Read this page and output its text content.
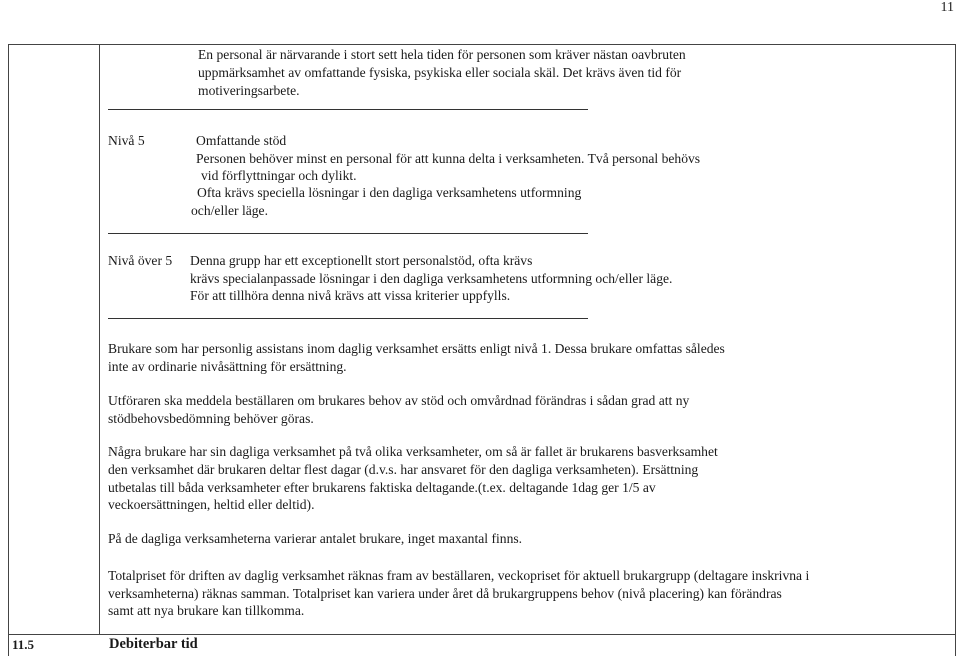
11
En personal är närvarande i stort sett hela tiden för personen som kräver nästan oavbruten
uppmärksamhet av omfattande fysiska, psykiska eller sociala skäl. Det krävs även tid för
motiveringsarbete.
Nivå 5	Omfattande stöd
Personen behöver minst en personal för att kunna delta i verksamheten. Två personal behövs
vid förflyttningar och dylikt.
Ofta krävs speciella lösningar i den dagliga verksamhetens utformning
och/eller läge.
Nivå över 5 Denna grupp har ett exceptionellt stort personalstöd, ofta krävs
krävs specialanpassade lösningar i den dagliga verksamhetens utformning och/eller läge.
För att tillhöra denna nivå krävs att vissa kriterier uppfylls.
Brukare som har personlig assistans inom daglig verksamhet ersätts enligt nivå 1. Dessa brukare omfattas således
inte av ordinarie nivåsättning för ersättning.
Utföraren ska meddela beställaren om brukares behov av stöd och omvårdnad förändras i sådan grad att ny
stödbehovsbedömning behöver göras.
Några brukare har sin dagliga verksamhet på två olika verksamheter, om så är fallet är brukarens basverksamhet
den verksamhet där brukaren deltar flest dagar (d.v.s. har ansvaret för den dagliga verksamheten). Ersättning
utbetalas till båda verksamheter efter brukarens faktiska deltagande.(t.ex. deltagande 1dag ger 1/5 av
veckoersättningen, heltid eller deltid).
På de dagliga verksamheterna varierar antalet brukare, inget maxantal finns.
Totalpriset för driften av daglig verksamhet räknas fram av beställaren, veckopriset för aktuell brukargrupp (deltagare inskrivna i
verksamheterna) räknas samman. Totalpriset kan variera under året då brukargruppens behov (nivå placering) kan förändras
samt att nya brukare kan tillkomma.
11.5	Debiterbar tid
